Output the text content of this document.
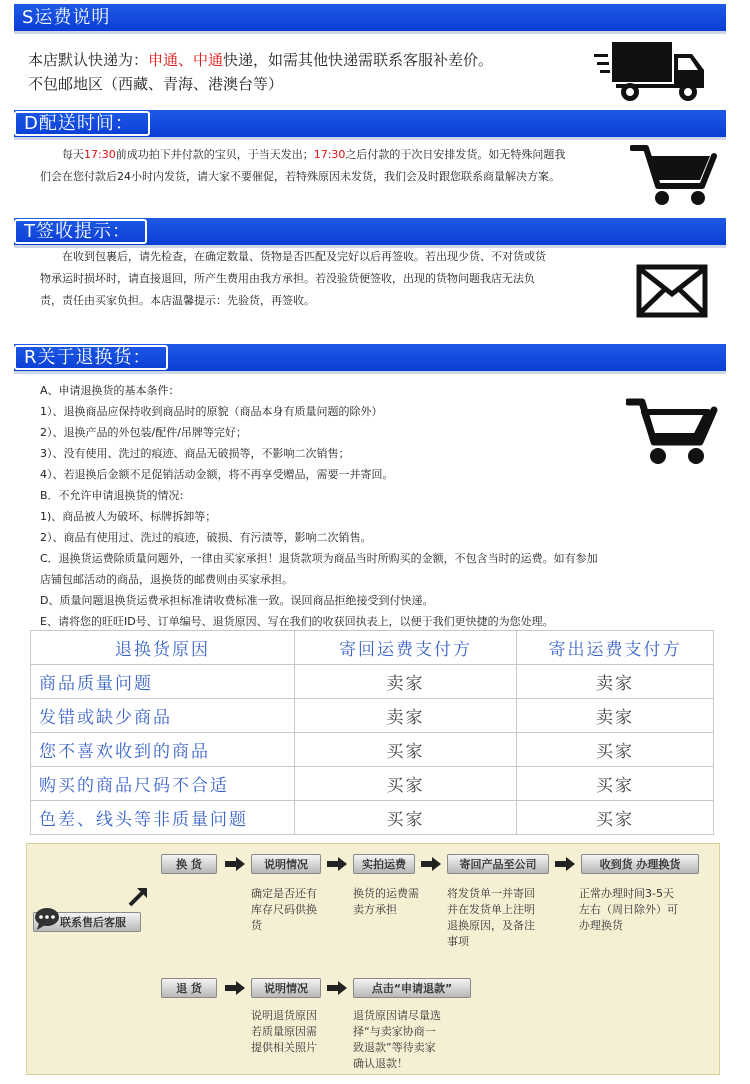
S运费说明
本店默认快递为：申通、中通快递，如需其他快递需联系客服补差价。
不包邮地区（西藏、青海、港澳台等）
D配送时间：
每天17:30前成功拍下并付款的宝贝，于当天发出；17:30之后付款的于次日安排发货。如无特殊问题我
们会在您付款后24小时内发货，请大家不要催促，若特殊原因未发货，我们会及时跟您联系商量解决方案。
T签收提示：
在收到包裹后，请先检查，在确定数量、货物是否匹配及完好以后再签收。若出现少货、不对货或货
物承运时损坏时，请直接退回，所产生费用由我方承担。若没验货便签收，出现的货物问题我店无法负
责，责任由买家负担。本店温馨提示：先验货，再签收。
R关于退换货：
A、申请退换货的基本条件：
1）、退换商品应保持收到商品时的原貌（商品本身有质量问题的除外）
2）、退换产品的外包装/配件/吊牌等完好；
3）、没有使用、洗过的痕迹、商品无破损等，不影响二次销售；
4）、若退换后金额不足促销活动金额，将不再享受赠品，需要一并寄回。
B．不允许申请退换货的情况:
1)、商品被人为破坏、标牌拆卸等；
2）、商品有使用过、洗过的痕迹，破损、有污渍等，影响二次销售。
C．退换货运费除质量问题外，一律由买家承担！退货款项为商品当时所购买的金额，不包含当时的运费。如有参加
店铺包邮活动的商品，退换货的邮费则由买家承担。
D、质量问题退换货运费承担标准请收费标准一致。误回商品拒绝接受到付快递。
E、请将您的旺旺ID号、订单编号、退货原因、写在我们的收获回执表上，以便于我们更快捷的为您处理。
退换货原因	寄回运费支付方	寄出运费支付方
商品质量问题	卖家	卖家
发错或缺少商品	卖家	卖家
您不喜欢收到的商品	买家	买家
购买的商品尺码不合适	买家	买家
色差、线头等非质量问题	买家	买家
联系售后客服
换 货	说明情况	实拍运费	寄回产品至公司	收到货 办理换货
确定是否还有
库存尺码供换
货
换货的运费需
卖方承担
将发货单一并寄回
并在发货单上注明
退换原因，及备注
事项
正常办理时间3-5天
左右（周日除外）可
办理换货
退 货	说明情况	点击“申请退款”
说明退货原因
若质量原因需
提供相关照片
退货原因请尽量选
择“与卖家协商一
致退款”等待卖家
确认退款！
